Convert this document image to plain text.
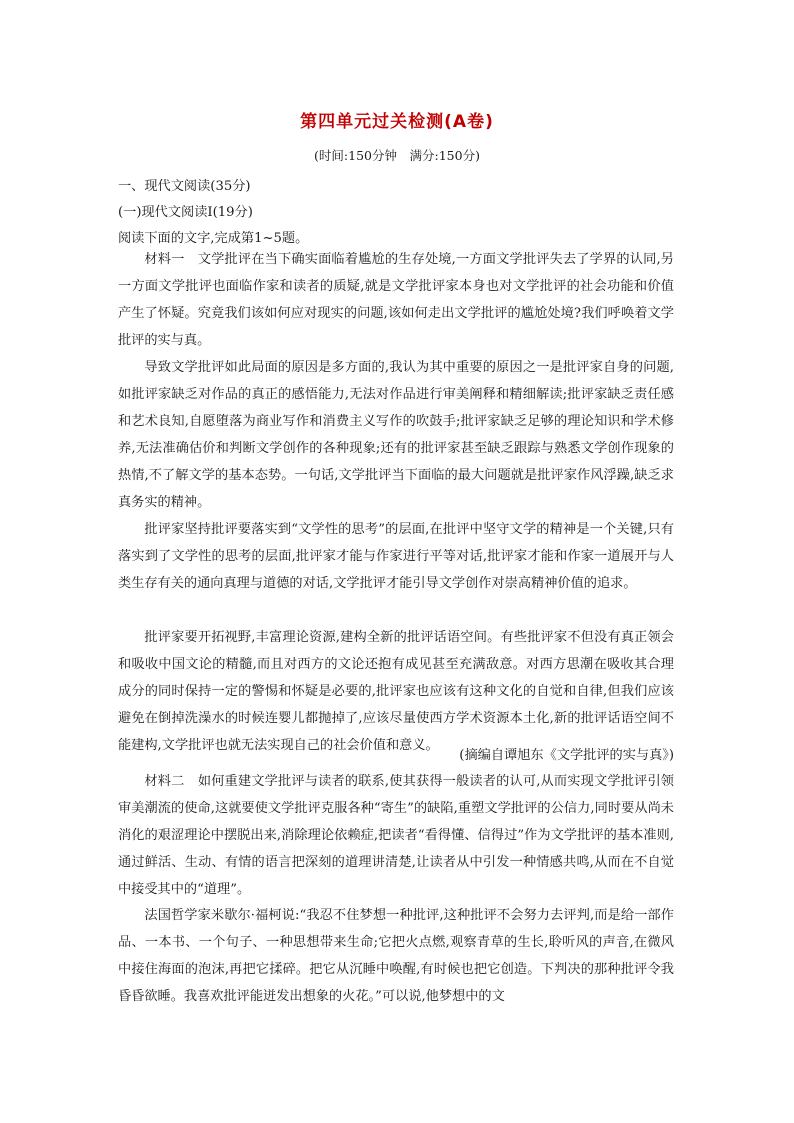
第四单元过关检测(A卷)
(时间:150分钟　满分:150分)
一、现代文阅读(35分)
(一)现代文阅读Ⅰ(19分)
阅读下面的文字,完成第1~5题。
材料一　文学批评在当下确实面临着尴尬的生存处境,一方面文学批评失去了学界的认同,另一方面文学批评也面临作家和读者的质疑,就是文学批评家本身也对文学批评的社会功能和价值产生了怀疑。究竟我们该如何应对现实的问题,该如何走出文学批评的尴尬处境?我们呼唤着文学批评的实与真。
导致文学批评如此局面的原因是多方面的,我认为其中重要的原因之一是批评家自身的问题,如批评家缺乏对作品的真正的感悟能力,无法对作品进行审美阐释和精细解读;批评家缺乏责任感和艺术良知,自愿堕落为商业写作和消费主义写作的吹鼓手;批评家缺乏足够的理论知识和学术修养,无法准确估价和判断文学创作的各种现象;还有的批评家甚至缺乏跟踪与熟悉文学创作现象的热情,不了解文学的基本态势。一句话,文学批评当下面临的最大问题就是批评家作风浮躁,缺乏求真务实的精神。
批评家坚持批评要落实到“文学性的思考”的层面,在批评中坚守文学的精神是一个关键,只有落实到了文学性的思考的层面,批评家才能与作家进行平等对话,批评家才能和作家一道展开与人类生存有关的通向真理与道德的对话,文学批评才能引导文学创作对崇高精神价值的追求。
批评家要开拓视野,丰富理论资源,建构全新的批评话语空间。有些批评家不但没有真正领会和吸收中国文论的精髓,而且对西方的文论还抱有成见甚至充满敌意。对西方思潮在吸收其合理成分的同时保持一定的警惕和怀疑是必要的,批评家也应该有这种文化的自觉和自律,但我们应该避免在倒掉洗澡水的时候连婴儿都抛掉了,应该尽量使西方学术资源本土化,新的批评话语空间不能建构,文学批评也就无法实现自己的社会价值和意义。
(摘编自谭旭东《文学批评的实与真》)
材料二　如何重建文学批评与读者的联系,使其获得一般读者的认可,从而实现文学批评引领审美潮流的使命,这就要使文学批评克服各种“寄生”的缺陷,重塑文学批评的公信力,同时要从尚未消化的艰涩理论中摆脱出来,消除理论依赖症,把读者“看得懂、信得过”作为文学批评的基本准则,通过鲜活、生动、有情的语言把深刻的道理讲清楚,让读者从中引发一种情感共鸣,从而在不自觉中接受其中的“道理”。
法国哲学家米歇尔·福柯说:“我忍不住梦想一种批评,这种批评不会努力去评判,而是给一部作品、一本书、一个句子、一种思想带来生命;它把火点燃,观察青草的生长,聆听风的声音,在微风中接住海面的泡沫,再把它揉碎。把它从沉睡中唤醒,有时候也把它创造。下判决的那种批评令我昏昏欲睡。我喜欢批评能迸发出想象的火花。”可以说,他梦想中的文
